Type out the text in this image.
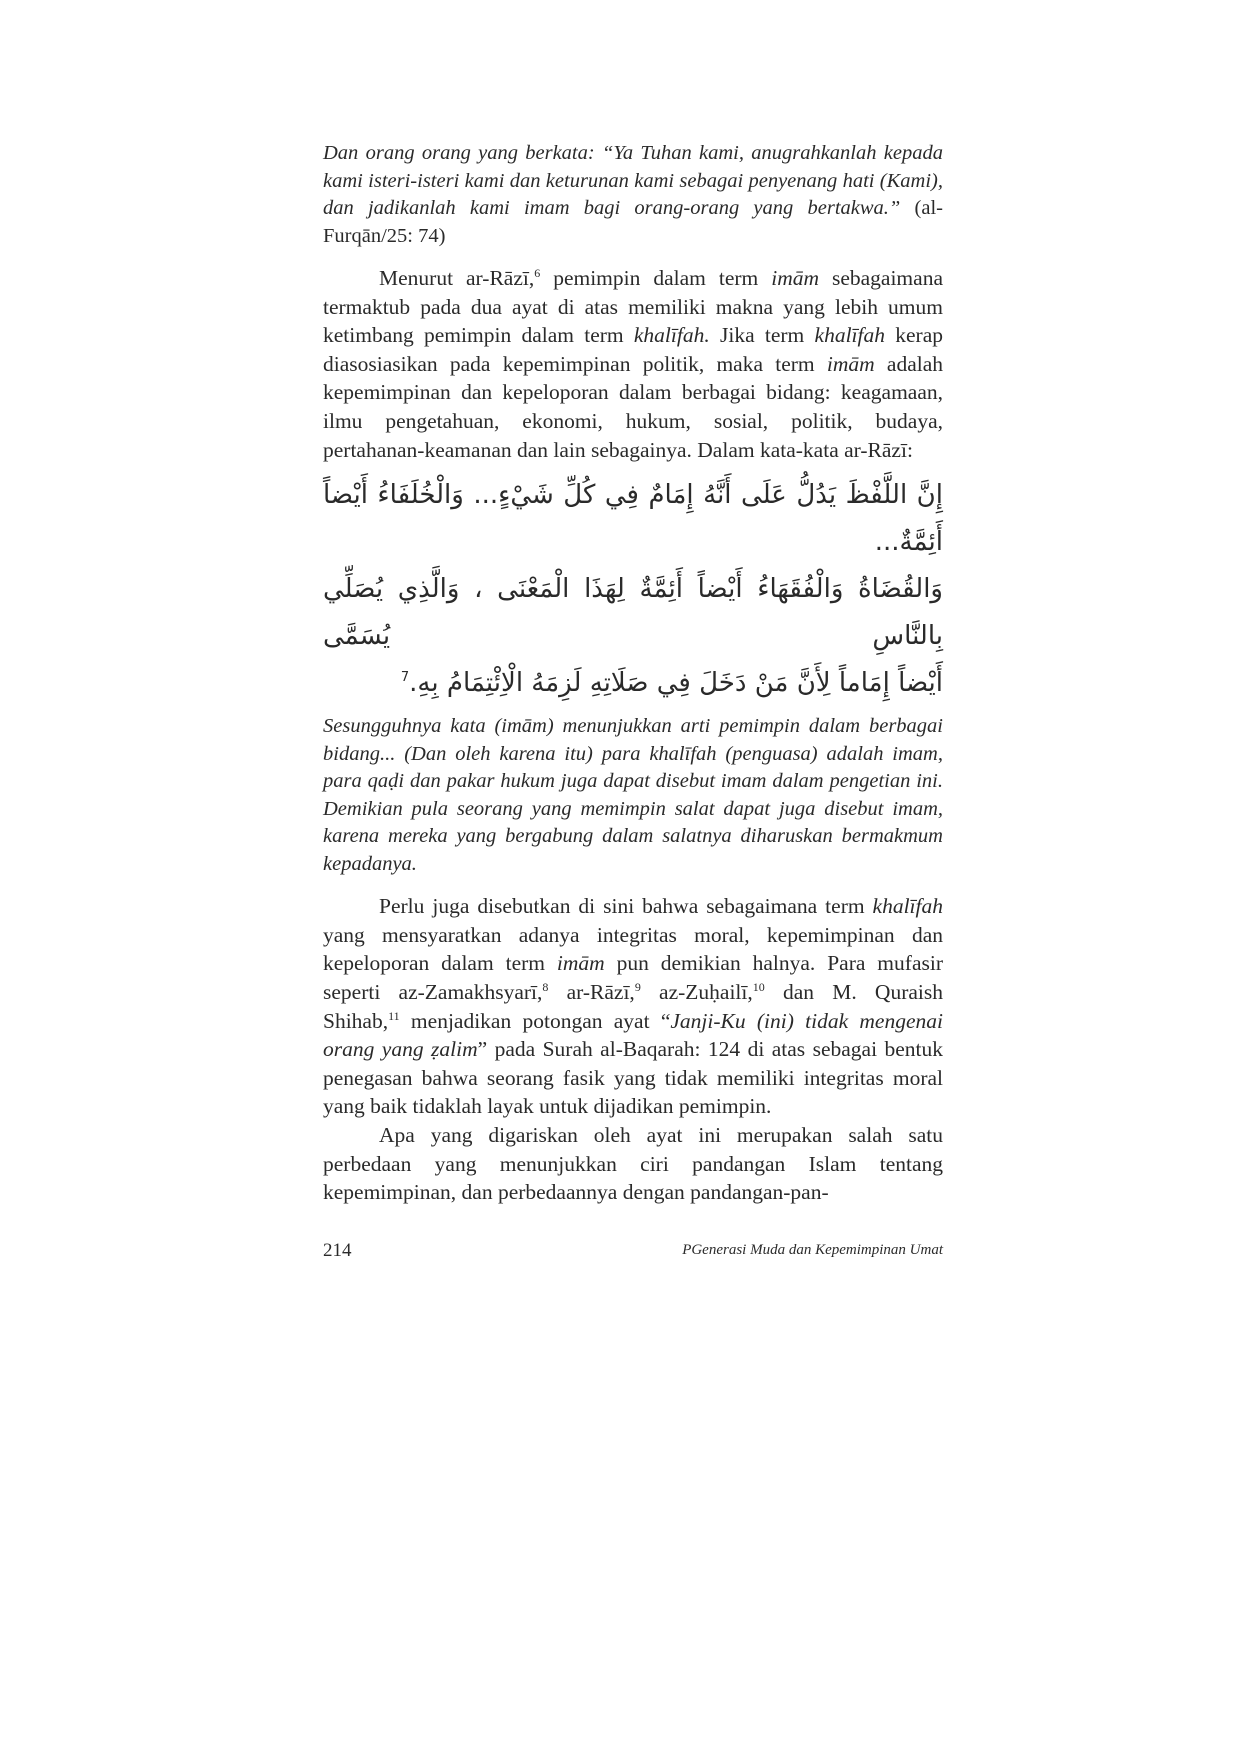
Dan orang orang yang berkata: “Ya Tuhan kami, anugrahkanlah kepada kami isteri-isteri kami dan keturunan kami sebagai penyenang hati (Kami), dan jadikanlah kami imam bagi orang-orang yang bertakwa.” (al-Furqān/25: 74)

Menurut ar-Rāzī,$^6$ pemimpin dalam term imām sebagaimana termaktub pada dua ayat di atas memiliki makna yang lebih umum ketimbang pemimpin dalam term khalīfah. Jika term khalīfah kerap diasosiasikan pada kepemimpinan politik, maka term imām adalah kepemimpinan dan kepeloporan dalam berbagai bidang: keagamaan, ilmu pengetahuan, ekonomi, hukum, sosial, politik, budaya, pertahanan-keamanan dan lain sebagainya. Dalam kata-kata ar-Rāzī:

إِنَّ اللَّفْظَ يَدُلُّ عَلَى أَنَّهُ إِمَامٌ فِي كُلِّ شَيْءٍ... وَالْخُلَفَاءُ أَيْضاً أَئِمَّةٌ...
وَالقُضَاةُ وَالْفُقَهَاءُ أَيْضاً أَئِمَّةٌ لِهَذَا الْمَعْنَى ، وَالَّذِي يُصَلِّي بِالنَّاسِ يُسَمَّى
أَيْضاً إِمَاماً لِأَنَّ مَنْ دَخَلَ فِي صَلَاتِهِ لَزِمَهُ الْاِئْتِمَامُ بِهِ.$^7$

Sesungguhnya kata (imām) menunjukkan arti pemimpin dalam berbagai bidang... (Dan oleh karena itu) para khalīfah (penguasa) adalah imam, para qaḍi dan pakar hukum juga dapat disebut imam dalam pengetian ini. Demikian pula seorang yang memimpin salat dapat juga disebut imam, karena mereka yang bergabung dalam salatnya diharuskan bermakmum kepadanya.

Perlu juga disebutkan di sini bahwa sebagaimana term khalīfah yang mensyaratkan adanya integritas moral, kepemimpinan dan kepeloporan dalam term imām pun demikian halnya. Para mufasir seperti az-Zamakhsyarī,$^8$ ar-Rāzī,$^9$ az-Zuḥailī,$^{10}$ dan M. Quraish Shihab,$^{11}$ menjadikan potongan ayat “Janji-Ku (ini) tidak mengenai orang yang ẓalim” pada Surah al-Baqarah: 124 di atas sebagai bentuk penegasan bahwa seorang fasik yang tidak memiliki integritas moral yang baik tidaklah layak untuk dijadikan pemimpin.

Apa yang digariskan oleh ayat ini merupakan salah satu perbedaan yang menunjukkan ciri pandangan Islam tentang kepemimpinan, dan perbedaannya dengan pandangan-pan-

214	PGenerasi Muda dan Kepemimpinan Umat
